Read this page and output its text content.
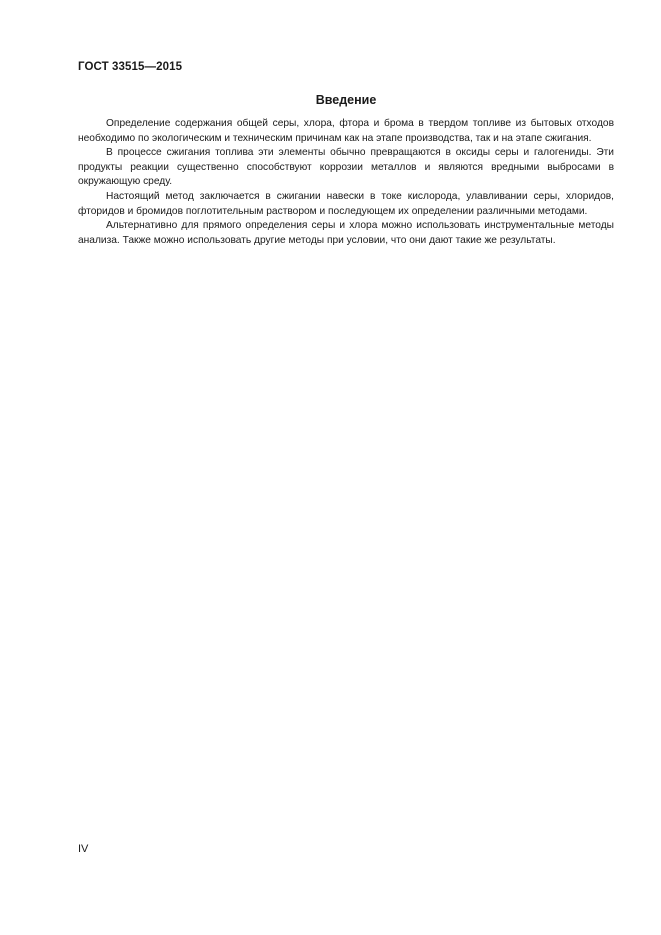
ГОСТ 33515—2015
Введение

Определение содержания общей серы, хлора, фтора и брома в твердом топливе из бытовых отходов необходимо по экологическим и техническим причинам как на этапе производства, так и на этапе сжигания.

В процессе сжигания топлива эти элементы обычно превращаются в оксиды серы и галогениды. Эти продукты реакции существенно способствуют коррозии металлов и являются вредными выбросами в окружающую среду.

Настоящий метод заключается в сжигании навески в токе кислорода, улавливании серы, хлоридов, фторидов и бромидов поглотительным раствором и последующем их определении различными методами.

Альтернативно для прямого определения серы и хлора можно использовать инструментальные методы анализа. Также можно использовать другие методы при условии, что они дают такие же результаты.

IV
